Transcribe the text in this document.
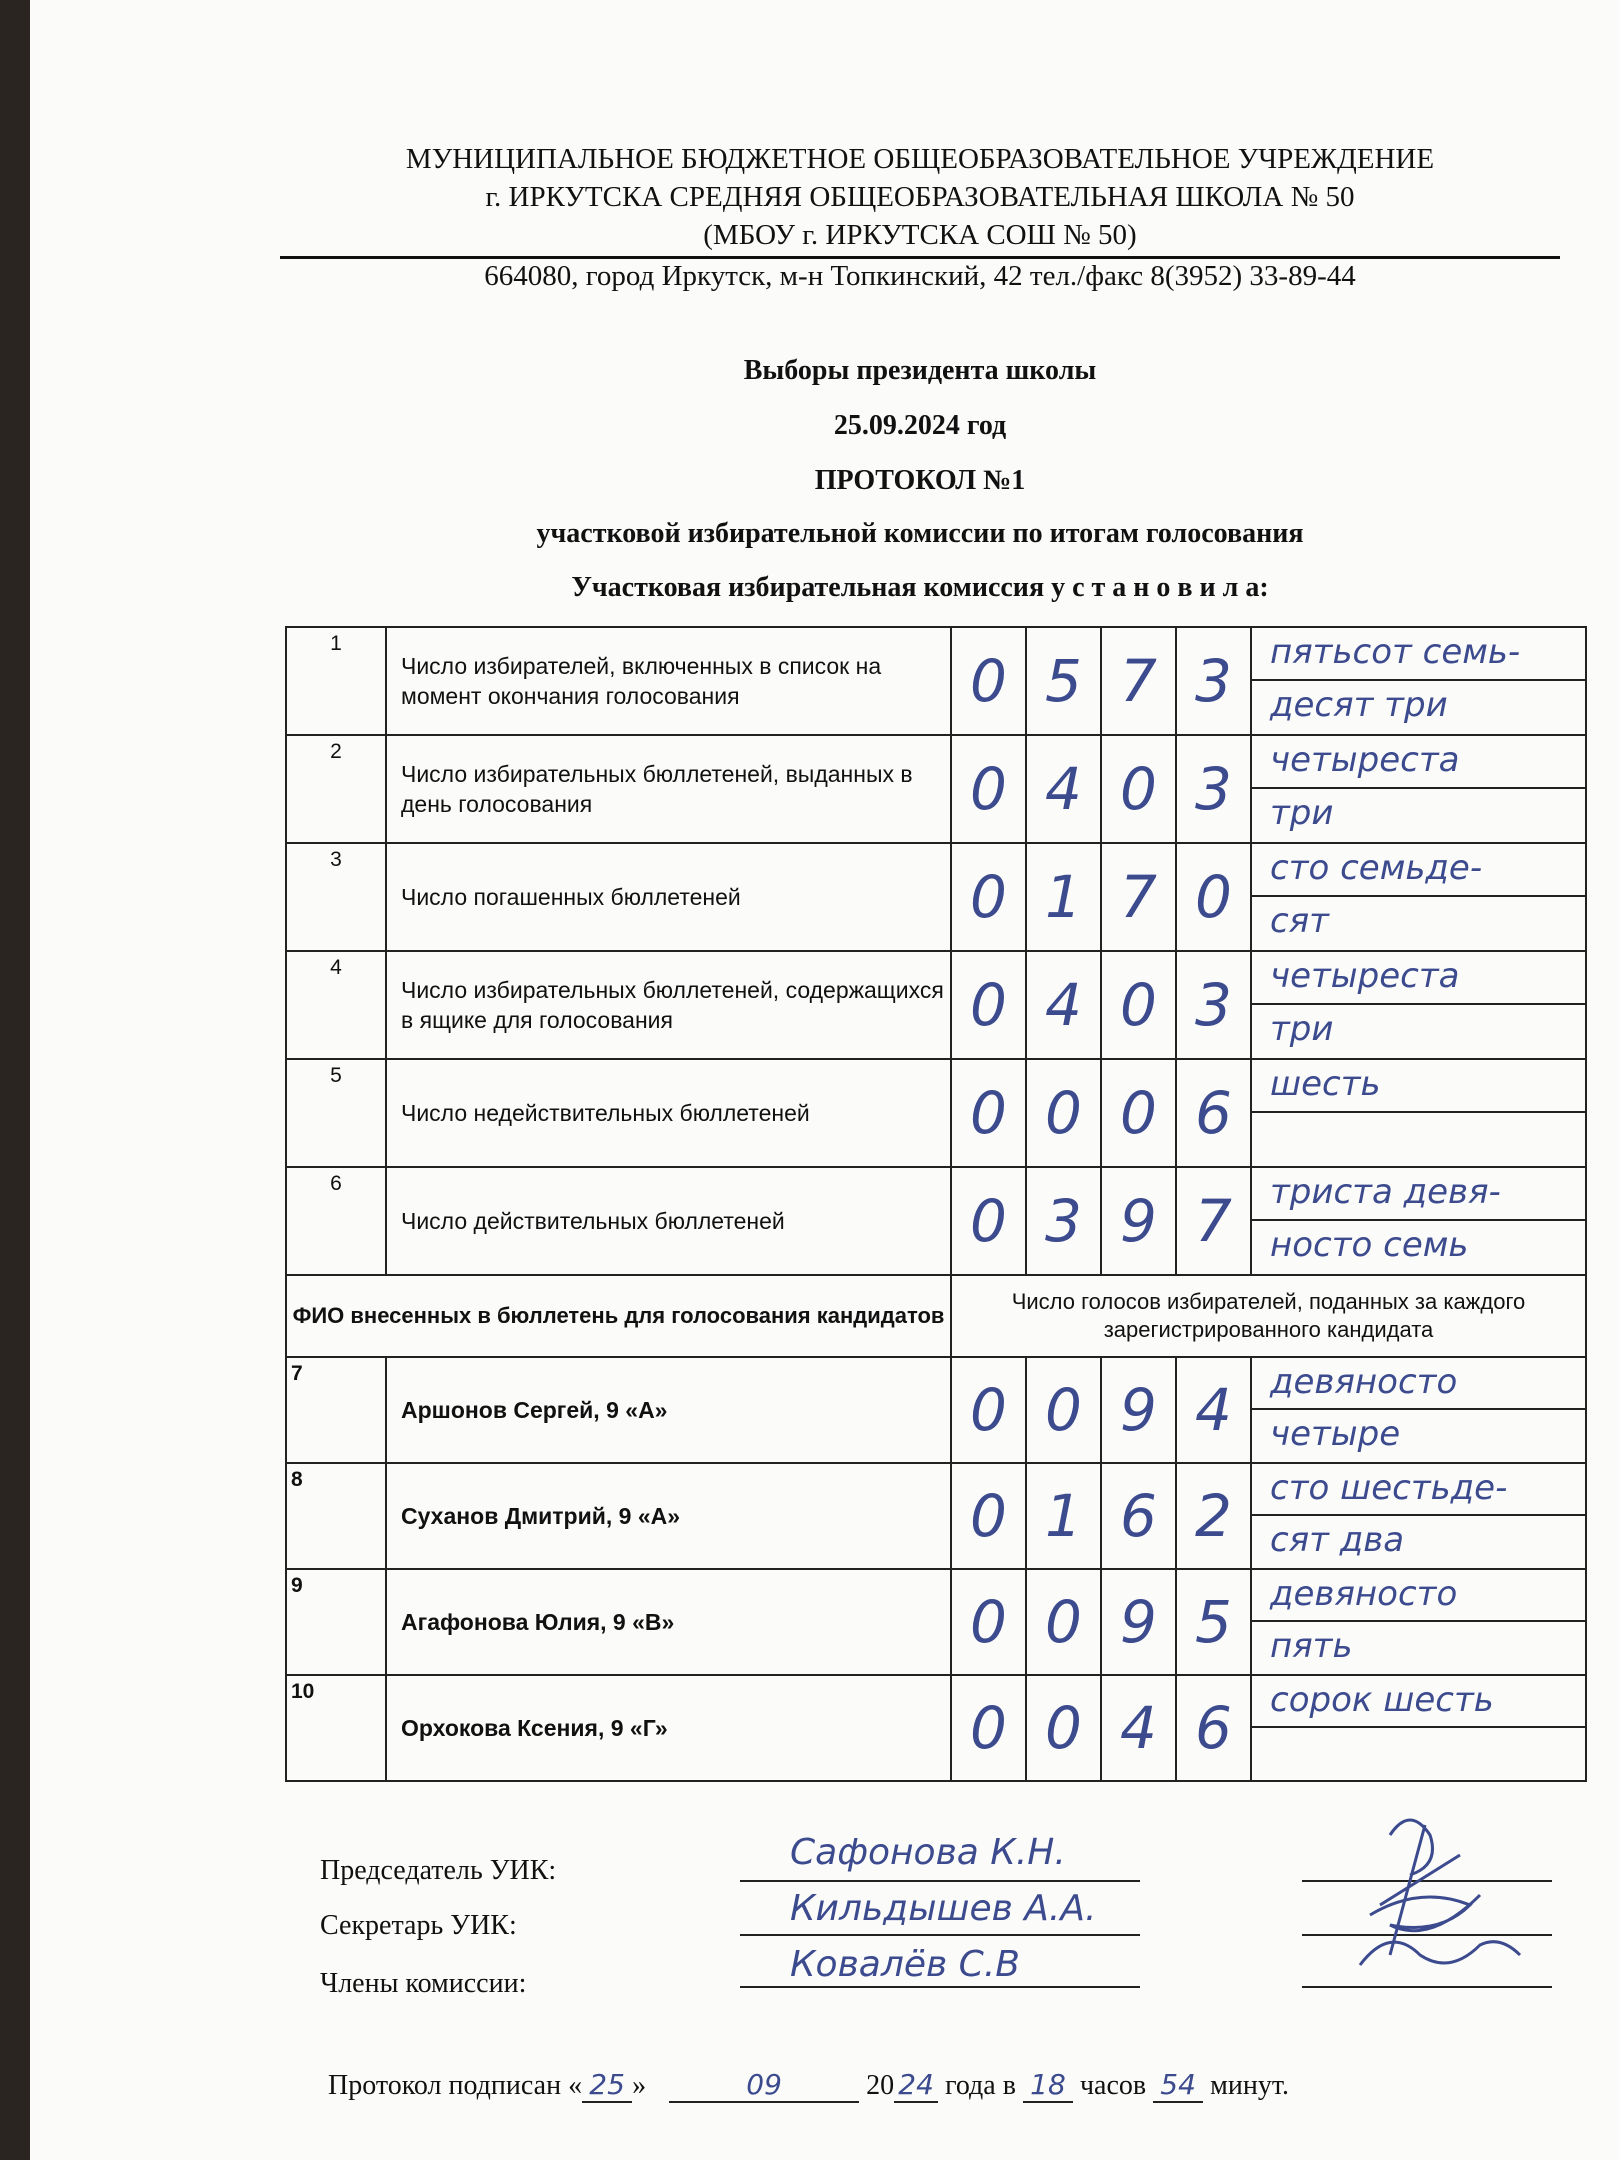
МУНИЦИПАЛЬНОЕ БЮДЖЕТНОЕ ОБЩЕОБРАЗОВАТЕЛЬНОЕ УЧРЕЖДЕНИЕ
г. ИРКУТСКА СРЕДНЯЯ ОБЩЕОБРАЗОВАТЕЛЬНАЯ ШКОЛА № 50
(МБОУ г. ИРКУТСКА СОШ № 50)
664080, город Иркутск, м-н Топкинский, 42 тел./факс 8(3952) 33-89-44
Выборы президента школы
25.09.2024 год
ПРОТОКОЛ №1
участковой избирательной комиссии по итогам голосования
Участковая избирательная комиссия у с т а н о в и л а:
1	Число избирателей, включенных в список на момент окончания голосования	0	5	7	3	пятьсот семь-
десят три

2	Число избирательных бюллетеней, выданных в день голосования	0	4	0	3	четыреста
три

3	Число погашенных бюллетеней	0	1	7	0	сто семьде-
сят

4	Число избирательных бюллетеней, содержащихся в ящике для голосования	0	4	0	3	четыреста
три

5	Число недействительных бюллетеней	0	0	0	6	шесть

6	Число действительных бюллетеней	0	3	9	7	триста девя-
носто семь

ФИО внесенных в бюллетень для голосования кандидатов		Число голосов избирателей, поданных за каждого зарегистрированного кандидата				
7	Аршонов Сергей, 9 «А»	0	0	9	4	девяносто
четыре

8	Суханов Дмитрий, 9 «А»	0	1	6	2	сто шестьде-
сят два

9	Агафонова Юлия, 9 «В»	0	0	9	5	девяносто
пять

10	Орхокова Ксения, 9 «Г»	0	0	4	6	сорок шесть
Председатель УИК:	Сафонова К.Н.
Секретарь УИК:	Кильдышев А.А.
Члены комиссии:	Ковалёв С.В
Протокол подписан « 25 »	09	20 24 года в 18 часов 54 минут.
